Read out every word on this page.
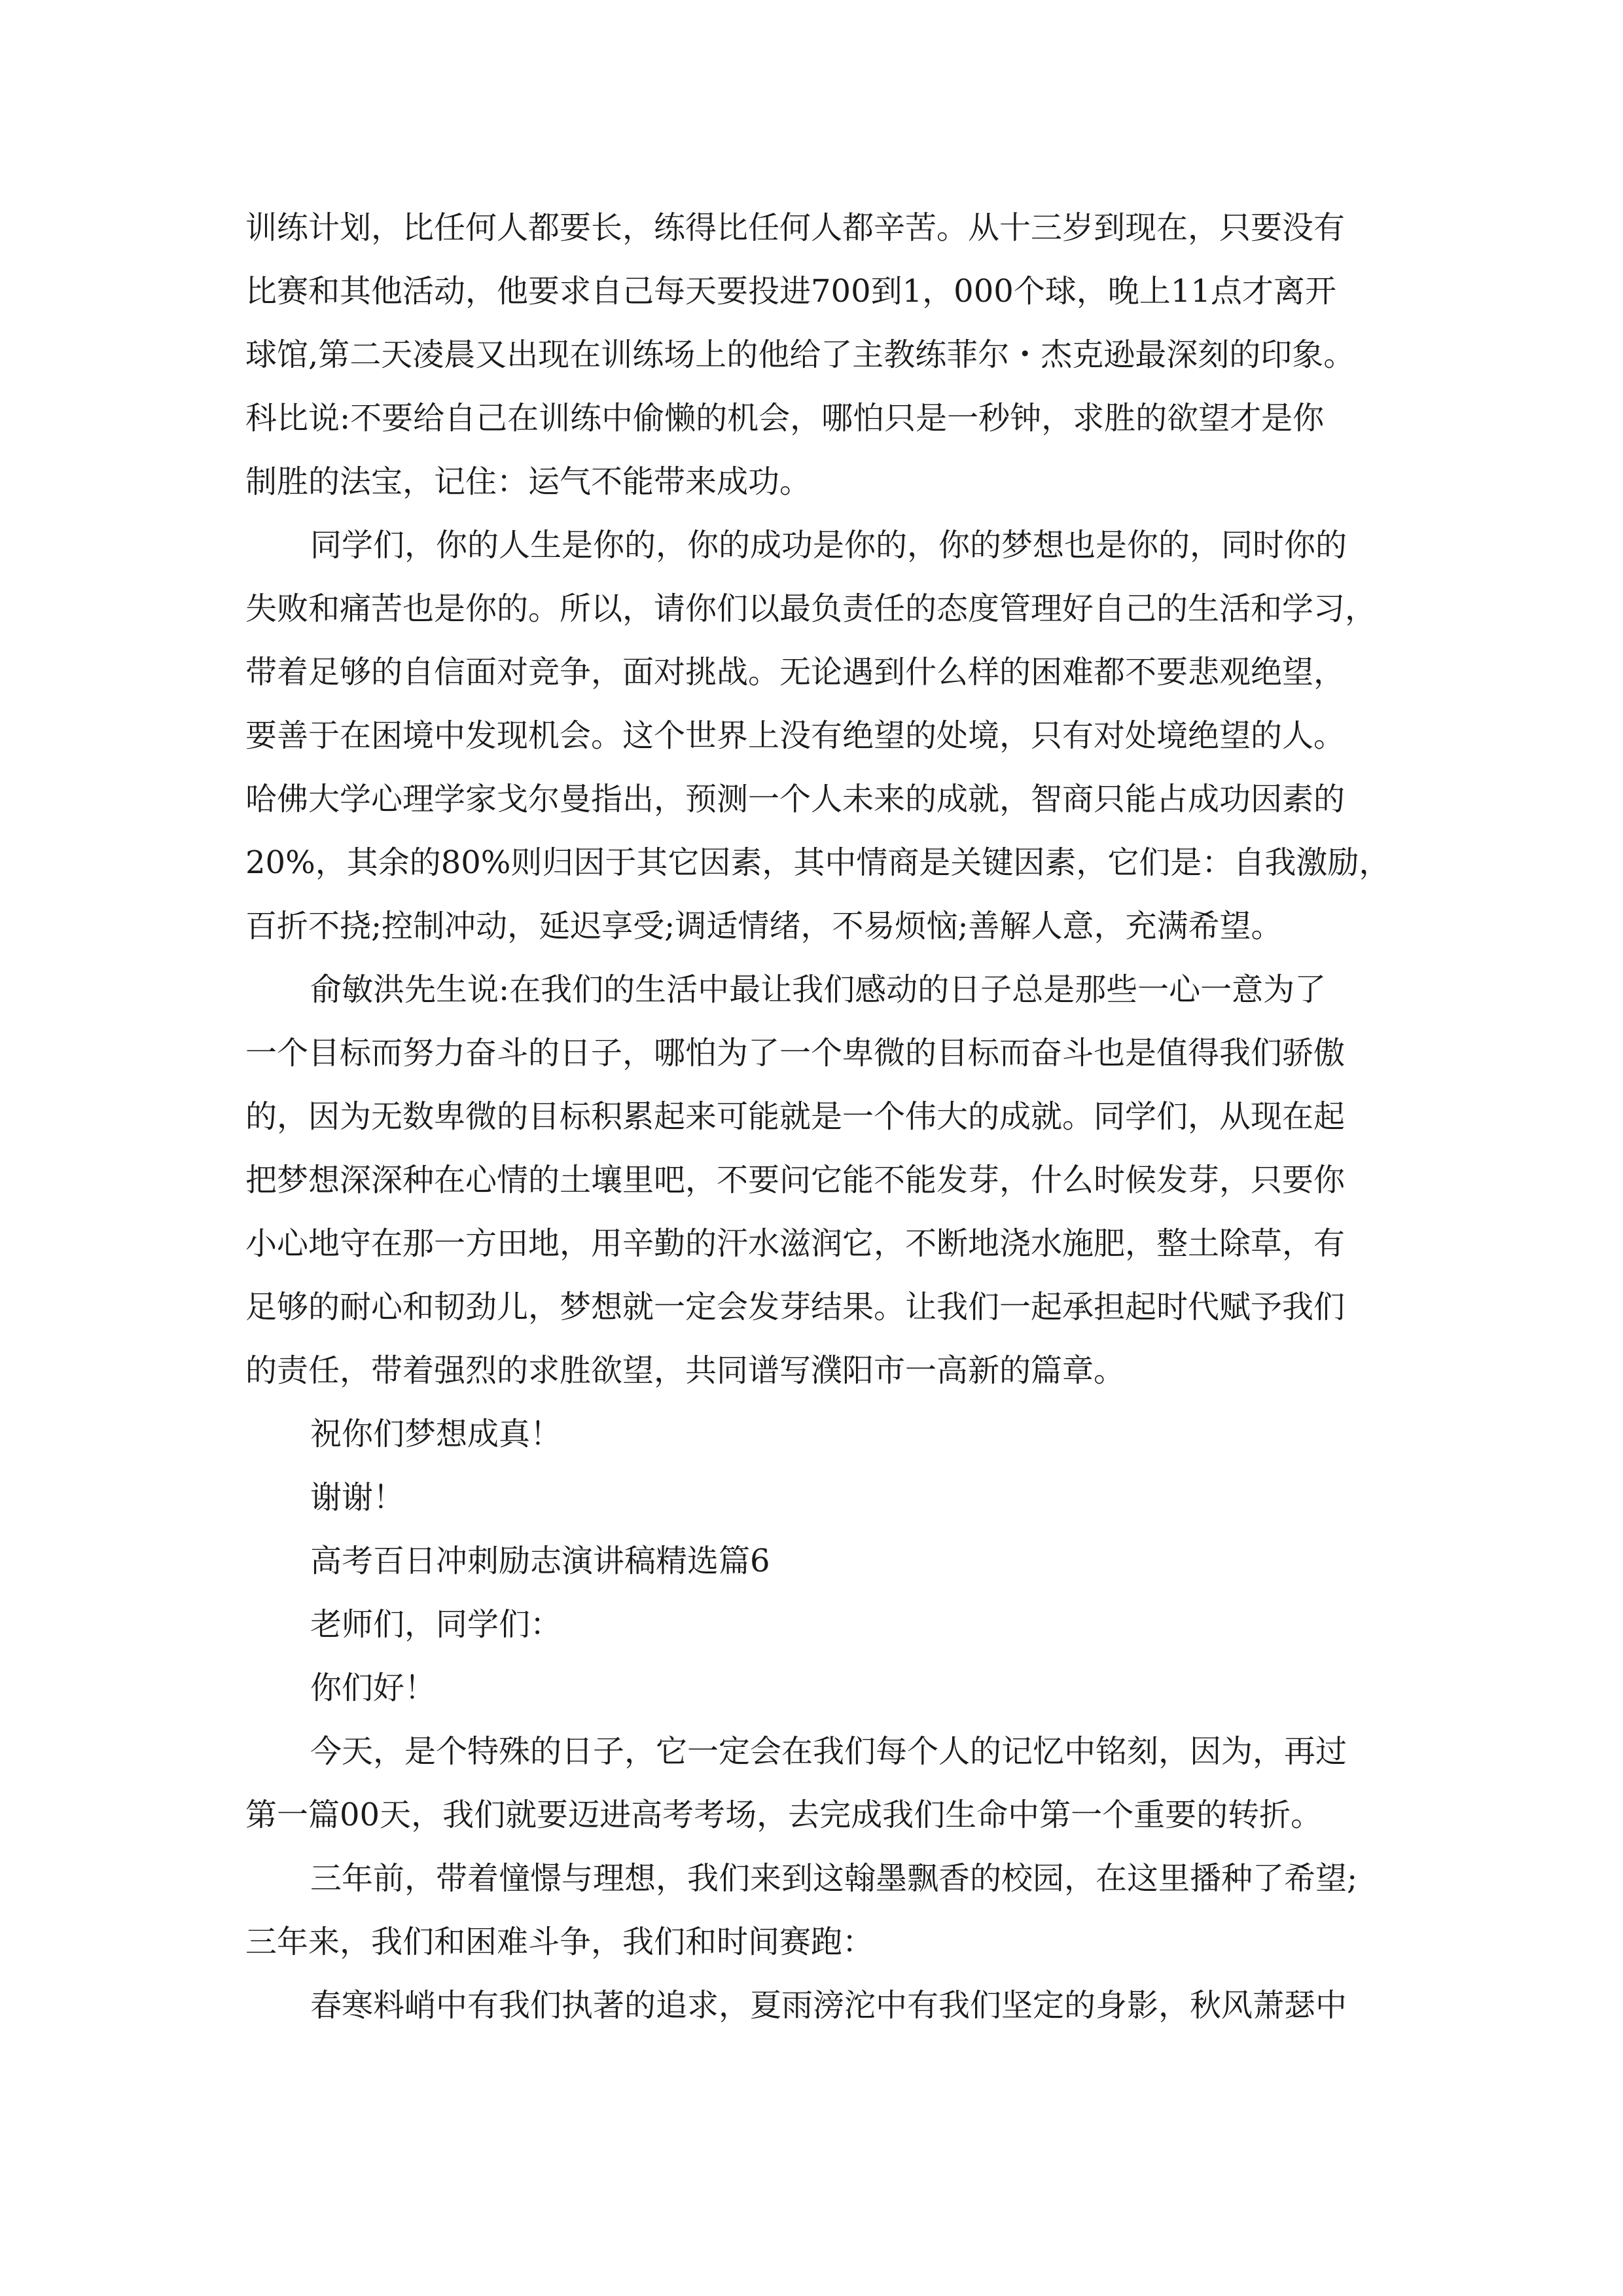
训练计划，比任何人都要长，练得比任何人都辛苦。从十三岁到现在，只要没有
比赛和其他活动，他要求自己每天要投进700到1，000个球，晚上11点才离开
球馆,第二天凌晨又出现在训练场上的他给了主教练菲尔・杰克逊最深刻的印象。
科比说:不要给自己在训练中偷懒的机会，哪怕只是一秒钟，求胜的欲望才是你
制胜的法宝，记住：运气不能带来成功。
同学们，你的人生是你的，你的成功是你的，你的梦想也是你的，同时你的
失败和痛苦也是你的。所以，请你们以最负责任的态度管理好自己的生活和学习，
带着足够的自信面对竞争，面对挑战。无论遇到什么样的困难都不要悲观绝望，
要善于在困境中发现机会。这个世界上没有绝望的处境，只有对处境绝望的人。
哈佛大学心理学家戈尔曼指出，预测一个人未来的成就，智商只能占成功因素的
20%，其余的80%则归因于其它因素，其中情商是关键因素，它们是：自我激励，
百折不挠;控制冲动，延迟享受;调适情绪，不易烦恼;善解人意，充满希望。
俞敏洪先生说:在我们的生活中最让我们感动的日子总是那些一心一意为了
一个目标而努力奋斗的日子，哪怕为了一个卑微的目标而奋斗也是值得我们骄傲
的，因为无数卑微的目标积累起来可能就是一个伟大的成就。同学们，从现在起
把梦想深深种在心情的土壤里吧，不要问它能不能发芽，什么时候发芽，只要你
小心地守在那一方田地，用辛勤的汗水滋润它，不断地浇水施肥，整土除草，有
足够的耐心和韧劲儿，梦想就一定会发芽结果。让我们一起承担起时代赋予我们
的责任，带着强烈的求胜欲望，共同谱写濮阳市一高新的篇章。
祝你们梦想成真！
谢谢！
高考百日冲刺励志演讲稿精选篇6
老师们，同学们：
你们好！
今天，是个特殊的日子，它一定会在我们每个人的记忆中铭刻，因为，再过
第一篇00天，我们就要迈进高考考场，去完成我们生命中第一个重要的转折。
三年前，带着憧憬与理想，我们来到这翰墨飘香的校园，在这里播种了希望;
三年来，我们和困难斗争，我们和时间赛跑：
春寒料峭中有我们执著的追求，夏雨滂沱中有我们坚定的身影，秋风萧瑟中
